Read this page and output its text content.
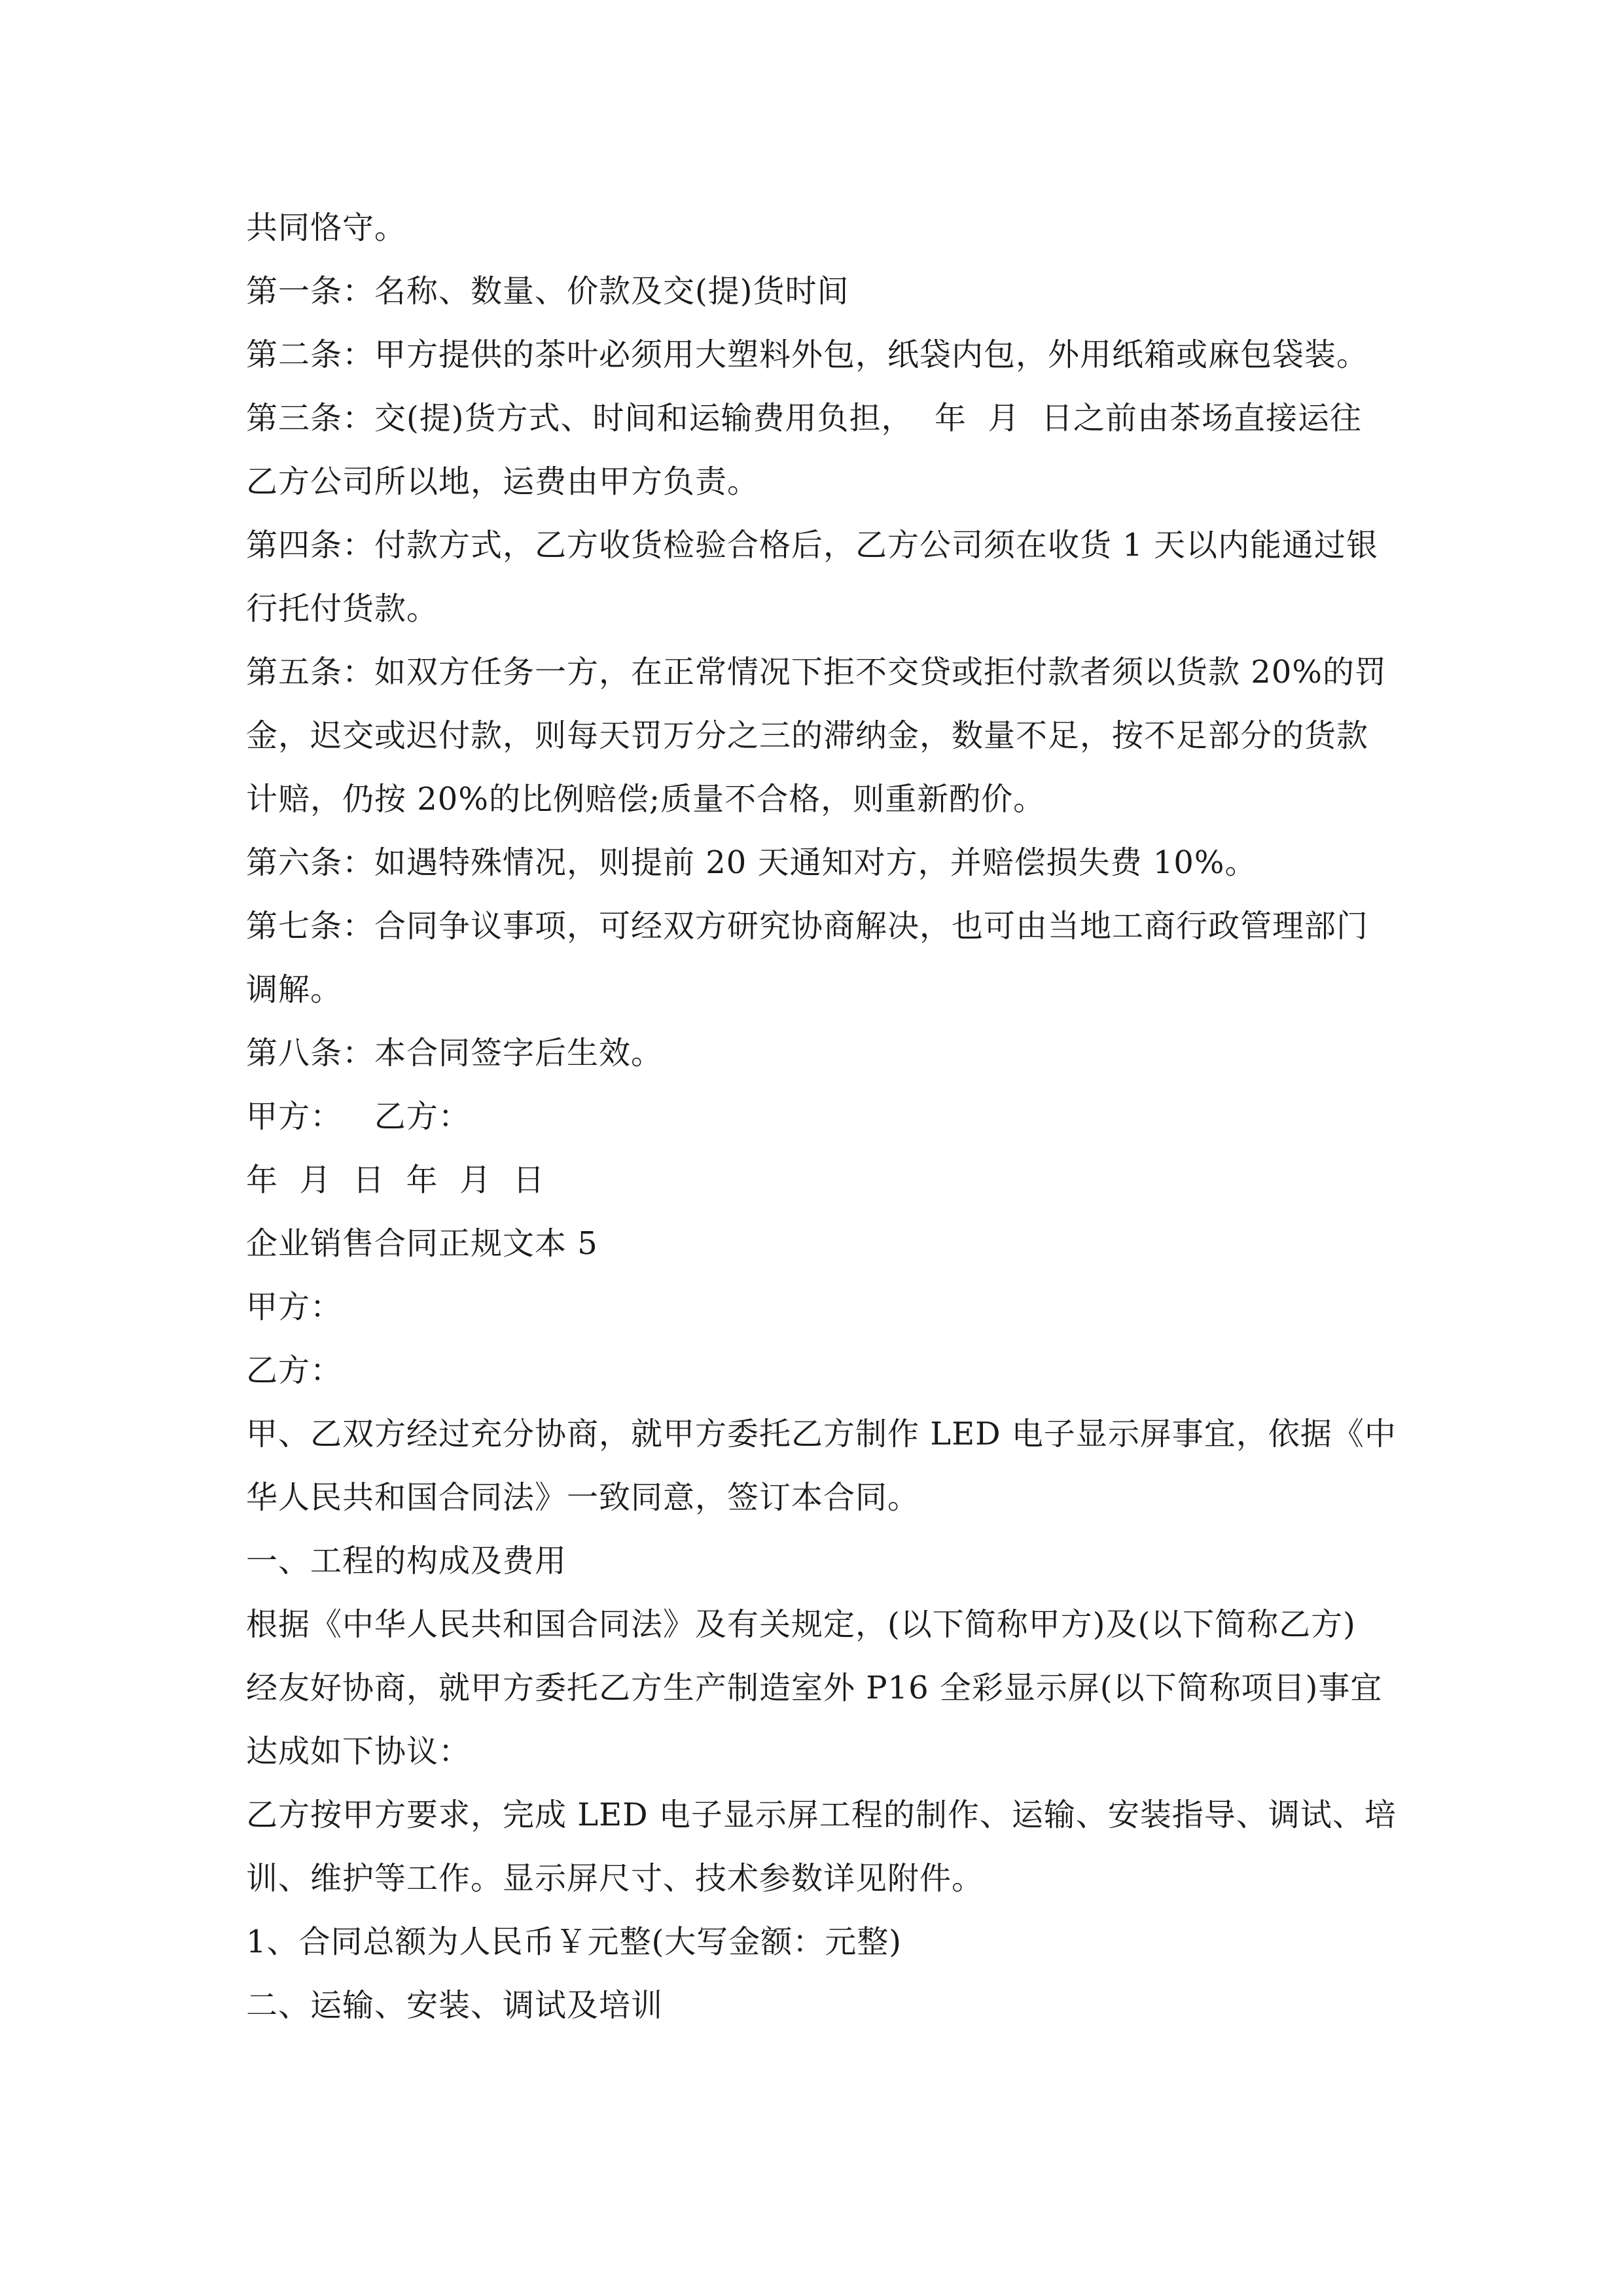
共同恪守。
第一条：名称、数量、价款及交(提)货时间
第二条：甲方提供的茶叶必须用大塑料外包，纸袋内包，外用纸箱或麻包袋装。
第三条：交(提)货方式、时间和运输费用负担，  年  月  日之前由茶场直接运往
乙方公司所以地，运费由甲方负责。
第四条：付款方式，乙方收货检验合格后，乙方公司须在收货 1 天以内能通过银
行托付货款。
第五条：如双方任务一方，在正常情况下拒不交贷或拒付款者须以货款 20%的罚
金，迟交或迟付款，则每天罚万分之三的滞纳金，数量不足，按不足部分的货款
计赔，仍按 20%的比例赔偿;质量不合格，则重新酌价。
第六条：如遇特殊情况，则提前 20 天通知对方，并赔偿损失费 10%。
第七条：合同争议事项，可经双方研究协商解决，也可由当地工商行政管理部门
调解。
第八条：本合同签字后生效。
甲方：   乙方：
年  月  日  年  月  日
企业销售合同正规文本 5
甲方：
乙方：
甲、乙双方经过充分协商，就甲方委托乙方制作 LED 电子显示屏事宜，依据《中
华人民共和国合同法》一致同意，签订本合同。
一、工程的构成及费用
根据《中华人民共和国合同法》及有关规定，(以下简称甲方)及(以下简称乙方)
经友好协商，就甲方委托乙方生产制造室外 P16 全彩显示屏(以下简称项目)事宜
达成如下协议：
乙方按甲方要求，完成 LED 电子显示屏工程的制作、运输、安装指导、调试、培
训、维护等工作。显示屏尺寸、技术参数详见附件。
1、合同总额为人民币￥元整(大写金额：元整)
二、运输、安装、调试及培训
